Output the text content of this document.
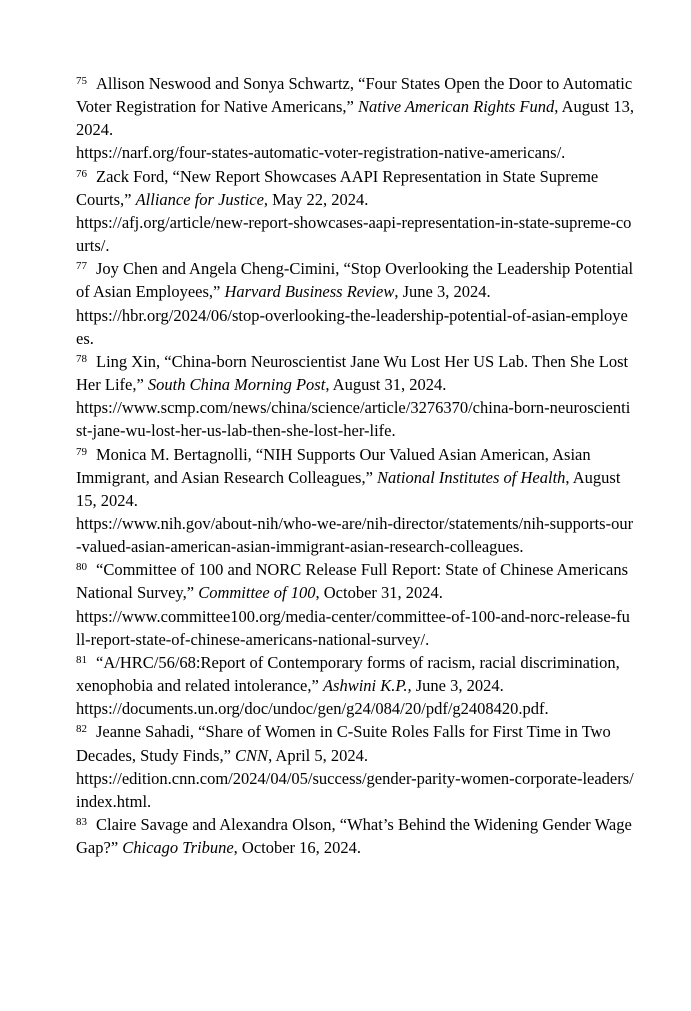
$^{75}$ Allison Neswood and Sonya Schwartz, “Four States Open the Door to Automatic Voter Registration for Native Americans,” Native American Rights Fund, August 13, 2024.
https://narf.org/four-states-automatic-voter-registration-native-americans/.
$^{76}$ Zack Ford, “New Report Showcases AAPI Representation in State Supreme Courts,” Alliance for Justice, May 22, 2024.
https://afj.org/article/new-report-showcases-aapi-representation-in-state-supreme-courts/.
$^{77}$ Joy Chen and Angela Cheng-Cimini, “Stop Overlooking the Leadership Potential of Asian Employees,” Harvard Business Review, June 3, 2024.
https://hbr.org/2024/06/stop-overlooking-the-leadership-potential-of-asian-employees.
$^{78}$ Ling Xin, “China-born Neuroscientist Jane Wu Lost Her US Lab. Then She Lost Her Life,” South China Morning Post, August 31, 2024.
https://www.scmp.com/news/china/science/article/3276370/china-born-neuroscientist-jane-wu-lost-her-us-lab-then-she-lost-her-life.
$^{79}$ Monica M. Bertagnolli, “NIH Supports Our Valued Asian American, Asian Immigrant, and Asian Research Colleagues,” National Institutes of Health, August 15, 2024.
https://www.nih.gov/about-nih/who-we-are/nih-director/statements/nih-supports-our-valued-asian-american-asian-immigrant-asian-research-colleagues.
$^{80}$ “Committee of 100 and NORC Release Full Report: State of Chinese Americans National Survey,” Committee of 100, October 31, 2024.
https://www.committee100.org/media-center/committee-of-100-and-norc-release-full-report-state-of-chinese-americans-national-survey/.
$^{81}$ “A/HRC/56/68:Report of Contemporary forms of racism, racial discrimination, xenophobia and related intolerance,” Ashwini K.P., June 3, 2024.
https://documents.un.org/doc/undoc/gen/g24/084/20/pdf/g2408420.pdf.
$^{82}$ Jeanne Sahadi, “Share of Women in C-Suite Roles Falls for First Time in Two Decades, Study Finds,” CNN, April 5, 2024.
https://edition.cnn.com/2024/04/05/success/gender-parity-women-corporate-leaders/index.html.
$^{83}$ Claire Savage and Alexandra Olson, “What’s Behind the Widening Gender Wage Gap?” Chicago Tribune, October 16, 2024.
